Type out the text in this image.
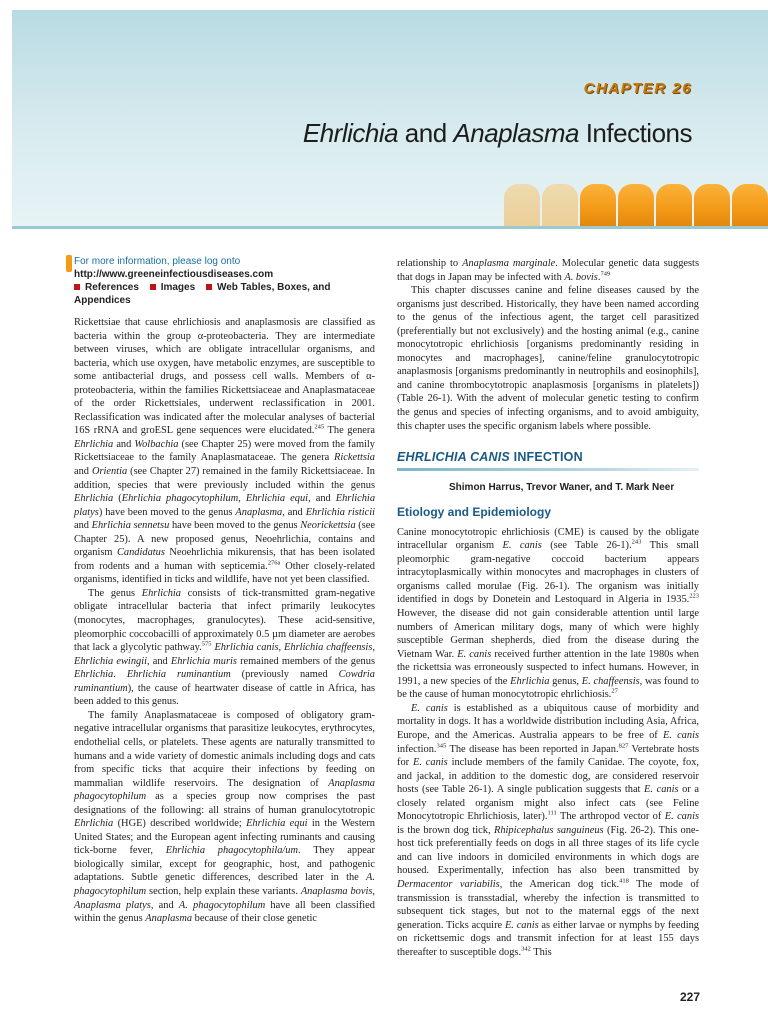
CHAPTER 26
Ehrlichia and Anaplasma Infections
For more information, please log onto
http://www.greeneinfectiousdiseases.com
References Images Web Tables, Boxes, and Appendices

Rickettsiae that cause ehrlichiosis and anaplasmosis are classified as bacteria within the group α-proteobacteria. They are intermediate between viruses, which are obligate intracellular organisms, and bacteria, which use oxygen, have metabolic enzymes, are susceptible to some antibacterial drugs, and possess cell walls. Members of α-proteobacteria, within the families Rickettsiaceae and Anaplasmataceae of the order Rickettsiales, underwent reclassification in 2001. Reclassification was indicated after the molecular analyses of bacterial 16S rRNA and groESL gene sequences were elucidated.$^{245}$ The genera Ehrlichia and Wolbachia (see Chapter 25) were moved from the family Rickettsiaceae to the family Anaplasmataceae. The genera Rickettsia and Orientia (see Chapter 27) remained in the family Rickettsiaceae. In addition, species that were previously included within the genus Ehrlichia (Ehrlichia phagocytophilum, Ehrlichia equi, and Ehrlichia platys) have been moved to the genus Anaplasma, and Ehrlichia risticii and Ehrlichia sennetsu have been moved to the genus Neorickettsia (see Chapter 25). A new proposed genus, Neoehrlichia, contains and organism Candidatus Neoehrlichia mikurensis, that has been isolated from rodents and a human with septicemia.$^{276a}$ Other closely-related organisms, identified in ticks and wildlife, have not yet been classified.

The genus Ehrlichia consists of tick-transmitted gram-negative obligate intracellular bacteria that infect primarily leukocytes (monocytes, macrophages, granulocytes). These acid-sensitive, pleomorphic coccobacilli of approximately 0.5 µm diameter are aerobes that lack a glycolytic pathway.$^{575}$ Ehrlichia canis, Ehrlichia chaffeensis, Ehrlichia ewingii, and Ehrlichia muris remained members of the genus Ehrlichia. Ehrlichia ruminantium (previously named Cowdria ruminantium), the cause of heartwater disease of cattle in Africa, has been added to this genus.

The family Anaplasmataceae is composed of obligatory gram-negative intracellular organisms that parasitize leukocytes, erythrocytes, endothelial cells, or platelets. These agents are naturally transmitted to humans and a wide variety of domestic animals including dogs and cats from specific ticks that acquire their infections by feeding on mammalian wildlife reservoirs. The designation of Anaplasma phagocytophilum as a species group now comprises the past designations of the following: all strains of human granulocytotropic Ehrlichia (HGE) described worldwide; Ehrlichia equi in the Western United States; and the European agent infecting ruminants and causing tick-borne fever, Ehrlichia phagocytophila/um. They appear biologically similar, except for geographic, host, and pathogenic adaptations. Subtle genetic differences, described later in the A. phagocytophilum section, help explain these variants. Anaplasma bovis, Anaplasma platys, and A. phagocytophilum have all been classified within the genus Anaplasma because of their close genetic

relationship to Anaplasma marginale. Molecular genetic data suggests that dogs in Japan may be infected with A. bovis.$^{749}$

This chapter discusses canine and feline diseases caused by the organisms just described. Historically, they have been named according to the genus of the infectious agent, the target cell parasitized (preferentially but not exclusively) and the hosting animal (e.g., canine monocytotropic ehrlichiosis [organisms predominantly residing in monocytes and macrophages], canine/feline granulocytotropic anaplasmosis [organisms predominantly in neutrophils and eosinophils], and canine thrombocytotropic anaplasmosis [organisms in platelets]) (Table 26-1). With the advent of molecular genetic testing to confirm the genus and species of infecting organisms, and to avoid ambiguity, this chapter uses the specific organism labels where possible.

EHRLICHIA CANIS INFECTION
Shimon Harrus, Trevor Waner, and T. Mark Neer
Etiology and Epidemiology

Canine monocytotropic ehrlichiosis (CME) is caused by the obligate intracellular organism E. canis (see Table 26-1).$^{243}$ This small pleomorphic gram-negative coccoid bacterium appears intracytoplasmically within monocytes and macrophages in clusters of organisms called morulae (Fig. 26-1). The organism was initially identified in dogs by Donetein and Lestoquard in Algeria in 1935.$^{223}$ However, the disease did not gain considerable attention until large numbers of American military dogs, many of which were highly susceptible German shepherds, died from the disease during the Vietnam War. E. canis received further attention in the late 1980s when the rickettsia was erroneously suspected to infect humans. However, in 1991, a new species of the Ehrlichia genus, E. chaffeensis, was found to be the cause of human monocytotropic ehrlichiosis.$^{27}$

E. canis is established as a ubiquitous cause of morbidity and mortality in dogs. It has a worldwide distribution including Asia, Africa, Europe, and the Americas. Australia appears to be free of E. canis infection.$^{345}$ The disease has been reported in Japan.$^{827}$ Vertebrate hosts for E. canis include members of the family Canidae. The coyote, fox, and jackal, in addition to the domestic dog, are considered reservoir hosts (see Table 26-1). A single publication suggests that E. canis or a closely related organism might also infect cats (see Feline Monocytotropic Ehrlichiosis, later).$^{111}$ The arthropod vector of E. canis is the brown dog tick, Rhipicephalus sanguineus (Fig. 26-2). This one-host tick preferentially feeds on dogs in all three stages of its life cycle and can live indoors in domiciled environments in which dogs are housed. Experimentally, infection has also been transmitted by Dermacentor variabilis, the American dog tick.$^{418}$ The mode of transmission is transstadial, whereby the infection is transmitted to subsequent tick stages, but not to the maternal eggs of the next generation. Ticks acquire E. canis as either larvae or nymphs by feeding on rickettsemic dogs and transmit infection for at least 155 days thereafter to susceptible dogs.$^{342}$ This

227
